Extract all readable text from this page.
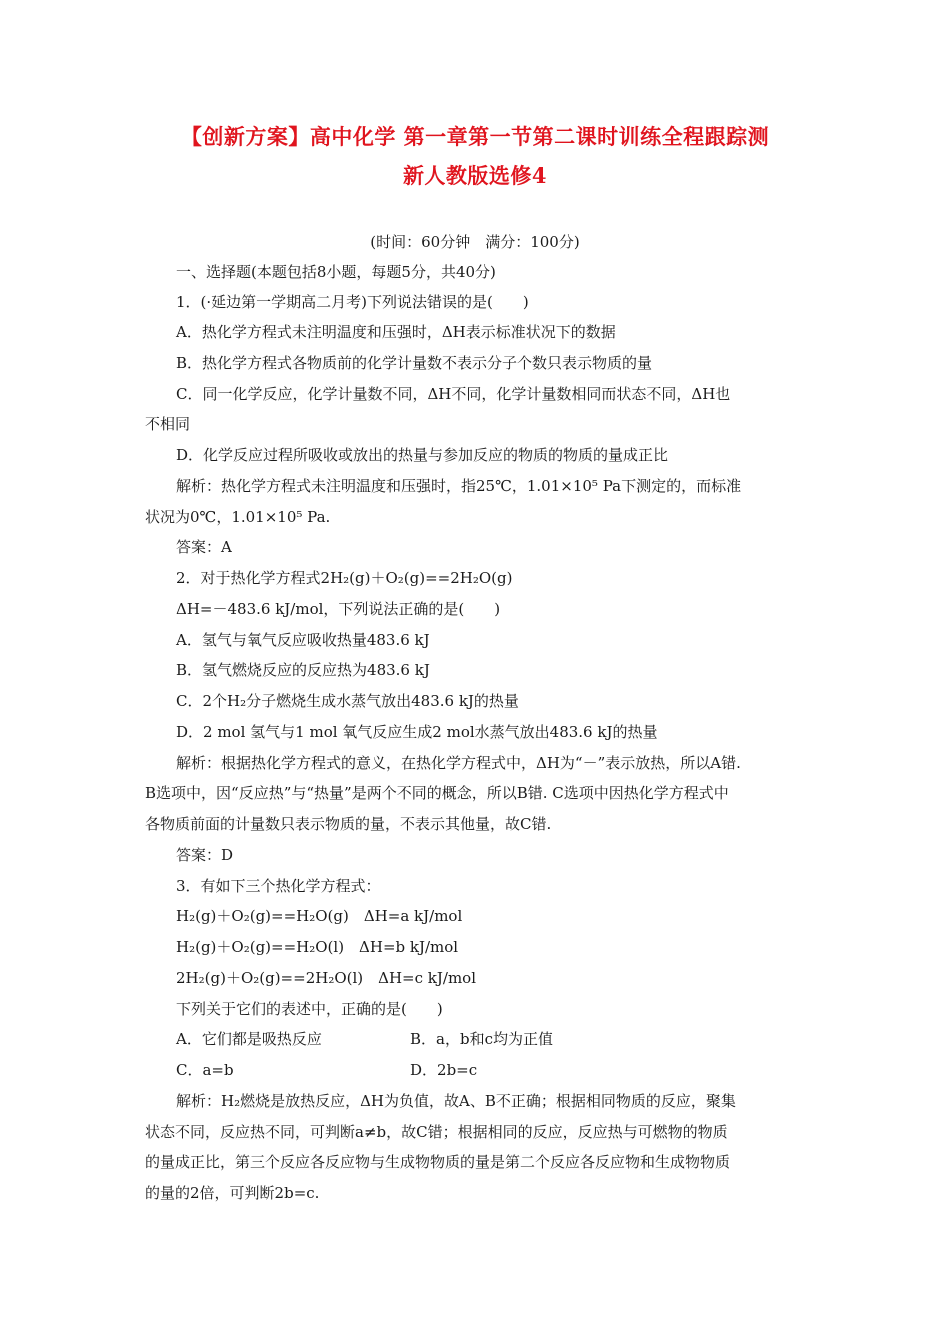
【创新方案】高中化学 第一章第一节第二课时训练全程跟踪测
新人教版选修4
(时间：60分钟　满分：100分)
一、选择题(本题包括8小题，每题5分，共40分)
1．(·延边第一学期高二月考)下列说法错误的是(　　)
A．热化学方程式未注明温度和压强时，ΔH表示标准状况下的数据
B．热化学方程式各物质前的化学计量数不表示分子个数只表示物质的量
C．同一化学反应，化学计量数不同，ΔH不同，化学计量数相同而状态不同，ΔH也
不相同
D．化学反应过程所吸收或放出的热量与参加反应的物质的物质的量成正比
解析：热化学方程式未注明温度和压强时，指25℃，1.01×10⁵ Pa下测定的，而标准
状况为0℃，1.01×10⁵ Pa.
答案：A
2．对于热化学方程式2H₂(g)＋O₂(g)==2H₂O(g)
ΔH=－483.6 kJ/mol，下列说法正确的是(　　)
A．氢气与氧气反应吸收热量483.6 kJ
B．氢气燃烧反应的反应热为483.6 kJ
C．2个H₂分子燃烧生成水蒸气放出483.6 kJ的热量
D．2 mol 氢气与1 mol 氧气反应生成2 mol水蒸气放出483.6 kJ的热量
解析：根据热化学方程式的意义，在热化学方程式中，ΔH为“－”表示放热，所以A错.
B选项中，因“反应热”与“热量”是两个不同的概念，所以B错. C选项中因热化学方程式中
各物质前面的计量数只表示物质的量，不表示其他量，故C错.
答案：D
3．有如下三个热化学方程式：
H₂(g)＋O₂(g)==H₂O(g)　ΔH=a kJ/mol
H₂(g)＋O₂(g)==H₂O(l)　ΔH=b kJ/mol
2H₂(g)＋O₂(g)==2H₂O(l)　ΔH=c kJ/mol
下列关于它们的表述中，正确的是(　　)
A．它们都是吸热反应	B．a，b和c均为正值
C．a=b	D．2b=c
解析：H₂燃烧是放热反应，ΔH为负值，故A、B不正确；根据相同物质的反应，聚集
状态不同，反应热不同，可判断a≠b，故C错；根据相同的反应，反应热与可燃物的物质
的量成正比，第三个反应各反应物与生成物物质的量是第二个反应各反应物和生成物物质
的量的2倍，可判断2b=c.
